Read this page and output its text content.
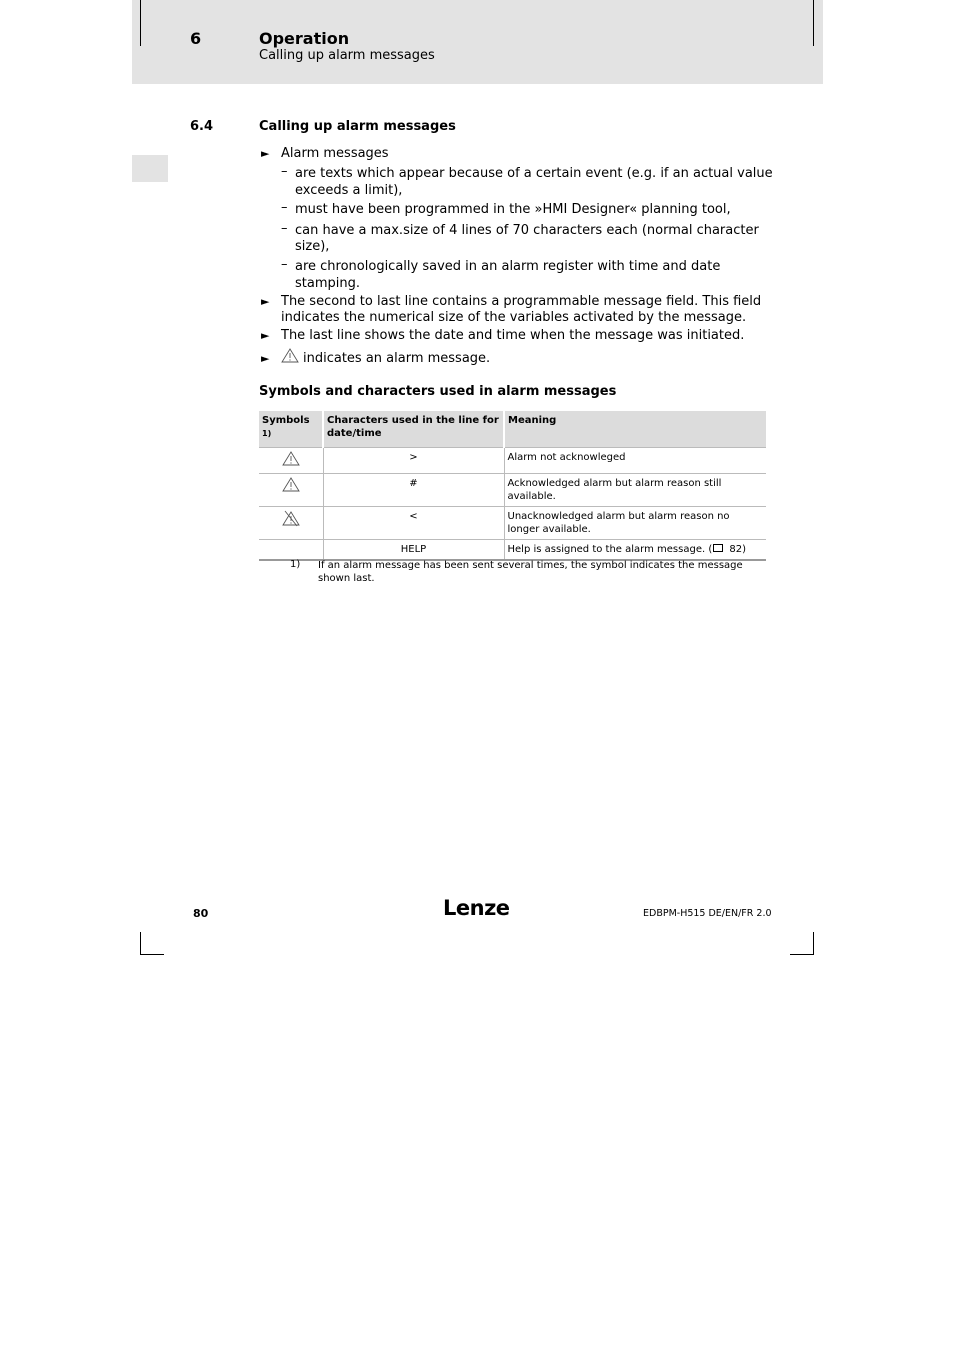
6	Operation
Calling up alarm messages
6.4	Calling up alarm messages
► Alarm messages
– are texts which appear because of a certain event (e.g. if an actual value
exceeds a limit),
– must have been programmed in the »HMI Designer« planning tool,
– can have a max.size of 4 lines of 70 characters each (normal character
size),
– are chronologically saved in an alarm register with time and date
stamping.
► The second to last line contains a programmable message field. This field
indicates the numerical size of the variables activated by the message.
► The last line shows the date and time when the message was initiated.
►	indicates an alarm message.
Symbols and characters used in alarm messages
Symbols $^{1)}$	Characters used in the line for date/time	Meaning
	>	Alarm not acknowleged
	#	Acknowledged alarm but alarm reason still available.
	<	Unacknowledged alarm but alarm reason no longer available.
	HELP	Help is assigned to the alarm message. ( 82)
1) If an alarm message has been sent several times, the symbol indicates the message shown last.
80	Lenze	EDBPM-H515 DE/EN/FR 2.0
